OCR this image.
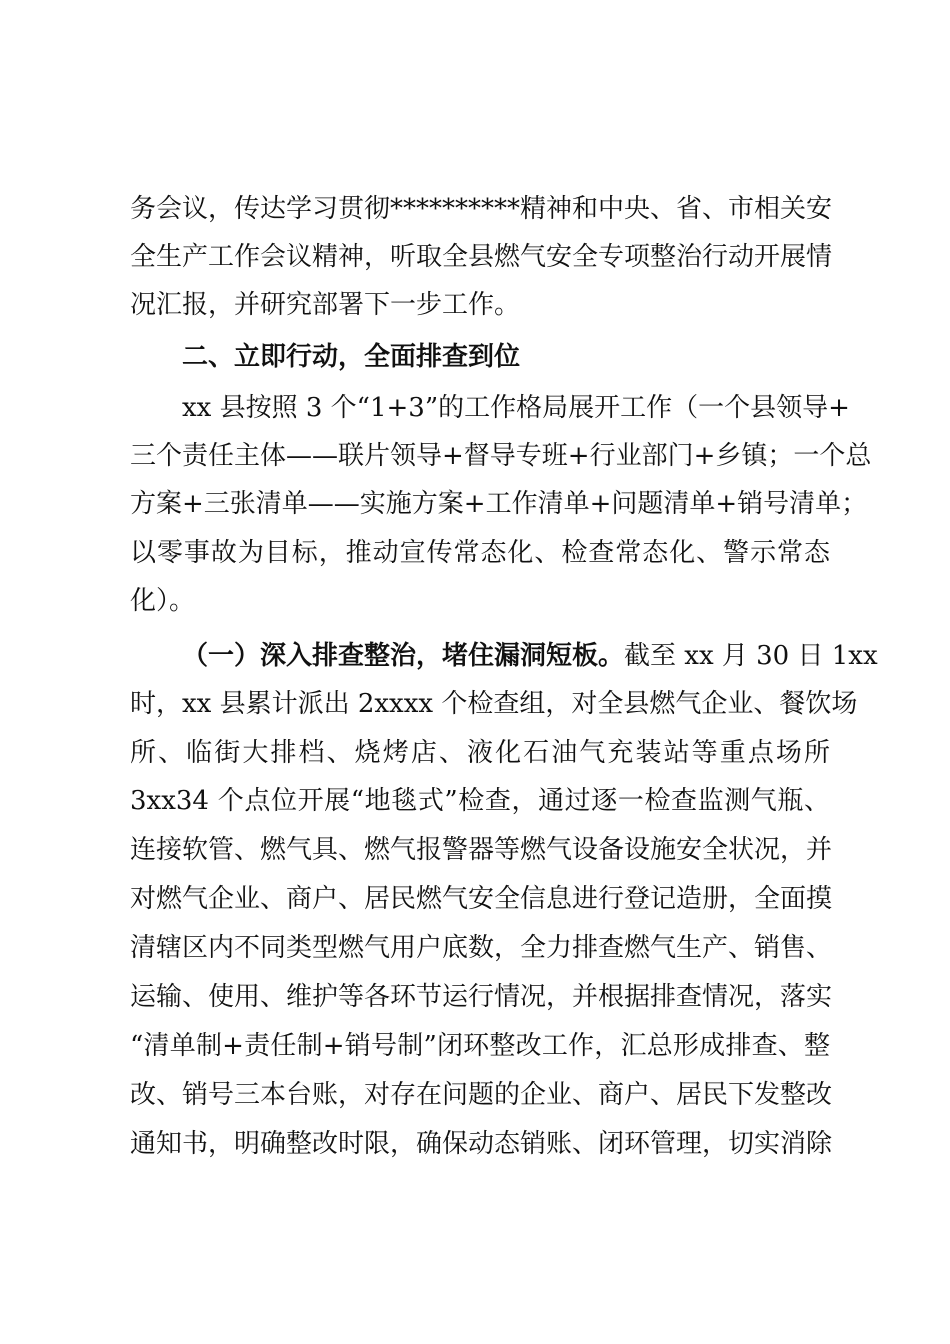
务会议，传达学习贯彻**********精神和中央、省、市相关安
全生产工作会议精神，听取全县燃气安全专项整治行动开展情
况汇报，并研究部署下一步工作。
二、立即行动，全面排查到位
xx 县按照 3 个“1+3”的工作格局展开工作（一个县领导+
三个责任主体——联片领导+督导专班+行业部门+乡镇；一个总
方案+三张清单——实施方案+工作清单+问题清单+销号清单；
以零事故为目标，推动宣传常态化、检查常态化、警示常态
化）。
（一）深入排查整治，堵住漏洞短板。截至 xx 月 30 日 1xx
时，xx 县累计派出 2xxxx 个检查组，对全县燃气企业、餐饮场
所、临街大排档、烧烤店、液化石油气充装站等重点场所
3xx34 个点位开展“地毯式”检查，通过逐一检查监测气瓶、
连接软管、燃气具、燃气报警器等燃气设备设施安全状况，并
对燃气企业、商户、居民燃气安全信息进行登记造册，全面摸
清辖区内不同类型燃气用户底数，全力排查燃气生产、销售、
运输、使用、维护等各环节运行情况，并根据排查情况，落实
“清单制+责任制+销号制”闭环整改工作，汇总形成排查、整
改、销号三本台账，对存在问题的企业、商户、居民下发整改
通知书，明确整改时限，确保动态销账、闭环管理，切实消除
